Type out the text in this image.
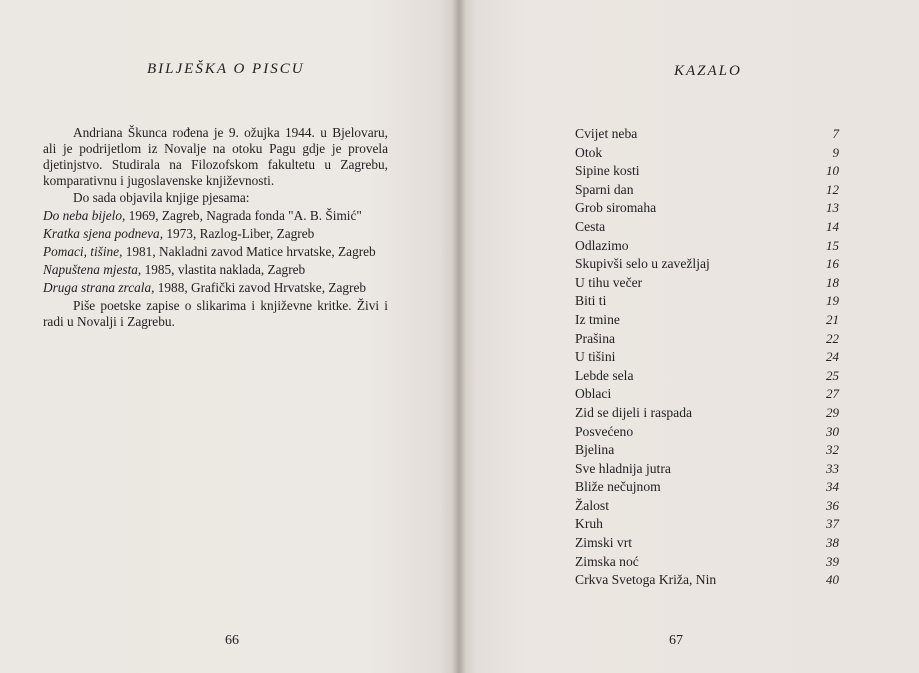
BILJEŠKA O PISCU

Andriana Škunca rođena je 9. ožujka 1944. u Bjelovaru, ali je podrijetlom iz Novalje na otoku Pagu gdje je provela djetinjstvo. Studirala na Filozofskom fakultetu u Zagrebu, komparativnu i jugoslavenske književnosti.

Do sada objavila knjige pjesama:

Do neba bijelo, 1969, Zagreb, Nagrada fonda "A. B. Šimić"
Kratka sjena podneva, 1973, Razlog-Liber, Zagreb
Pomaci, tišine, 1981, Nakladni zavod Matice hrvatske, Zagreb
Napuštena mjesta, 1985, vlastita naklada, Zagreb
Druga strana zrcala, 1988, Grafički zavod Hrvatske, Zagreb

Piše poetske zapise o slikarima i književne kritke. Živi i radi u Novalji i Zagrebu.

66
KAZALO
Cvijet neba	7
Otok	9
Sipine kosti	10
Sparni dan	12
Grob siromaha	13
Cesta	14
Odlazimo	15
Skupivši selo u zavežljaj	16
U tihu večer	18
Biti ti	19
Iz tmine	21
Prašina	22
U tišini	24
Lebde sela	25
Oblaci	27
Zid se dijeli i raspada	29
Posvećeno	30
Bjelina	32
Sve hladnija jutra	33
Bliže nečujnom	34
Žalost	36
Kruh	37
Zimski vrt	38
Zimska noć	39
Crkva Svetoga Križa, Nin	40
67
